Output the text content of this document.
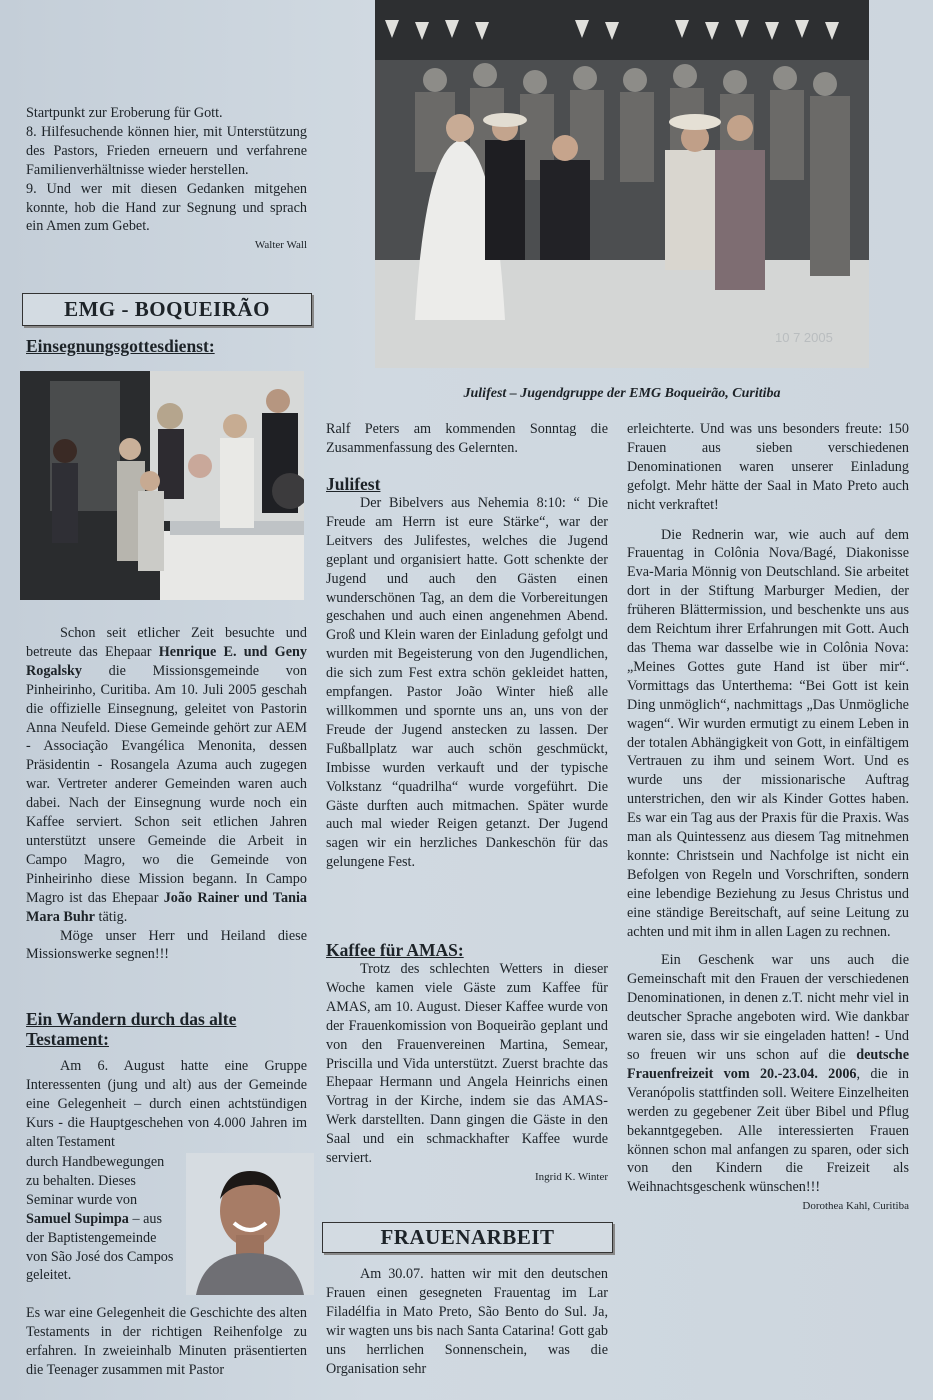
Startpunkt zur Eroberung für Gott.

8. Hilfesuchende können hier, mit Unterstützung des Pastors, Frieden erneuern und verfahrene Familienverhältnisse wieder herstellen.

9. Und wer mit diesen Gedanken mitgehen konnte, hob die Hand zur Segnung und sprach ein Amen zum Gebet.

Walter Wall

EMG - BOQUEIRÃO
Einsegnungsgottesdienst:

Schon seit etlicher Zeit besuchte und betreute das Ehepaar Henrique E. und Geny Rogalsky die Missionsgemeinde von Pinheirinho, Curitiba. Am 10. Juli 2005 geschah die offizielle Einsegnung, geleitet von Pastorin Anna Neufeld. Diese Gemeinde gehört zur AEM - Associação Evangélica Menonita, dessen Präsidentin - Rosangela Azuma auch zugegen war. Vertreter anderer Gemeinden waren auch dabei. Nach der Einsegnung wurde noch ein Kaffee serviert. Schon seit etlichen Jahren unterstützt unsere Gemeinde die Arbeit in Campo Magro, wo die Gemeinde von Pinheirinho diese Mission begann. In Campo Magro ist das Ehepaar João Rainer und Tania Mara Buhr tätig.

Möge unser Herr und Heiland diese Missionswerke segnen!!!

Ein Wandern durch das alte Testament:

Am 6. August hatte eine Gruppe Interessenten (jung und alt) aus der Gemeinde eine Gelegenheit – durch einen achtstündigen Kurs - die Hauptgeschehen von 4.000 Jahren im alten Testament

durch Handbewegungen zu behalten. Dieses Seminar wurde von Samuel Supimpa – aus der Baptistengemeinde von São José dos Campos geleitet.

Es war eine Gelegenheit die Geschichte des alten Testaments in der richtigen Reihenfolge zu erfahren. In zweieinhalb Minuten präsentierten die Teenager zusammen mit Pastor

10 7 2005
Julifest – Jugendgruppe der EMG Boqueirão, Curitiba

Ralf Peters am kommenden Sonntag die Zusammenfassung des Gelernten.

Julifest

Der Bibelvers aus Nehemia 8:10: “ Die Freude am Herrn ist eure Stärke“, war der Leitvers des Julifestes, welches die Jugend geplant und organisiert hatte. Gott schenkte der Jugend und auch den Gästen einen wunderschönen Tag, an dem die Vorbereitungen geschahen und auch einen angenehmen Abend. Groß und Klein waren der Einladung gefolgt und wurden mit Begeisterung von den Jugendlichen, die sich zum Fest extra schön gekleidet hatten, empfangen. Pastor João Winter hieß alle willkommen und spornte uns an, uns von der Freude der Jugend anstecken zu lassen. Der Fußballplatz war auch schön geschmückt, Imbisse wurden verkauft und der typische Volkstanz “quadrilha“ wurde vorgeführt. Die Gäste durften auch mitmachen. Später wurde auch mal wieder Reigen getanzt. Der Jugend sagen wir ein herzliches Dankeschön für das gelungene Fest.

Kaffee für AMAS:

Trotz des schlechten Wetters in dieser Woche kamen viele Gäste zum Kaffee für AMAS, am 10. August. Dieser Kaffee wurde von der Frauenkomission von Boqueirão geplant und von den Frauenvereinen Martina, Semear, Priscilla und Vida unterstützt. Zuerst brachte das Ehepaar Hermann und Angela Heinrichs einen Vortrag in der Kirche, indem sie das AMAS-Werk darstellten. Dann gingen die Gäste in den Saal und ein schmackhafter Kaffee wurde serviert.

Ingrid K. Winter

FRAUENARBEIT

Am 30.07. hatten wir mit den deutschen Frauen einen gesegneten Frauentag im Lar Filadélfia in Mato Preto, São Bento do Sul. Ja, wir wagten uns bis nach Santa Catarina! Gott gab uns herrlichen Sonnenschein, was die Organisation sehr

erleichterte. Und was uns besonders freute: 150 Frauen aus sieben verschiedenen Denominationen waren unserer Einladung gefolgt. Mehr hätte der Saal in Mato Preto auch nicht verkraftet!

Die Rednerin war, wie auch auf dem Frauentag in Colônia Nova/Bagé, Diakonisse Eva-Maria Mönnig von Deutschland. Sie arbeitet dort in der Stiftung Marburger Medien, der früheren Blättermission, und beschenkte uns aus dem Reichtum ihrer Erfahrungen mit Gott. Auch das Thema war dasselbe wie in Colônia Nova: „Meines Gottes gute Hand ist über mir“. Vormittags das Unterthema: “Bei Gott ist kein Ding unmöglich“, nachmittags „Das Unmögliche wagen“. Wir wurden ermutigt zu einem Leben in der totalen Abhängigkeit von Gott, in einfältigem Vertrauen zu ihm und seinem Wort. Und es wurde uns der missionarische Auftrag unterstrichen, den wir als Kinder Gottes haben. Es war ein Tag aus der Praxis für die Praxis. Was man als Quintessenz aus diesem Tag mitnehmen konnte: Christsein und Nachfolge ist nicht ein Befolgen von Regeln und Vorschriften, sondern eine lebendige Beziehung zu Jesus Christus und eine ständige Bereitschaft, auf seine Leitung zu achten und mit ihm in allen Lagen zu rechnen.

Ein Geschenk war uns auch die Gemeinschaft mit den Frauen der verschiedenen Denominationen, in denen z.T. nicht mehr viel in deutscher Sprache angeboten wird. Wie dankbar waren sie, dass wir sie eingeladen hatten! - Und so freuen wir uns schon auf die deutsche Frauenfreizeit vom 20.-23.04. 2006, die in Veranópolis stattfinden soll. Weitere Einzelheiten werden zu gegebener Zeit über Bibel und Pflug bekanntgegeben. Alle interessierten Frauen können schon mal anfangen zu sparen, oder sich von den Kindern die Freizeit als Weihnachtsgeschenk wünschen!!!

Dorothea Kahl, Curitiba
